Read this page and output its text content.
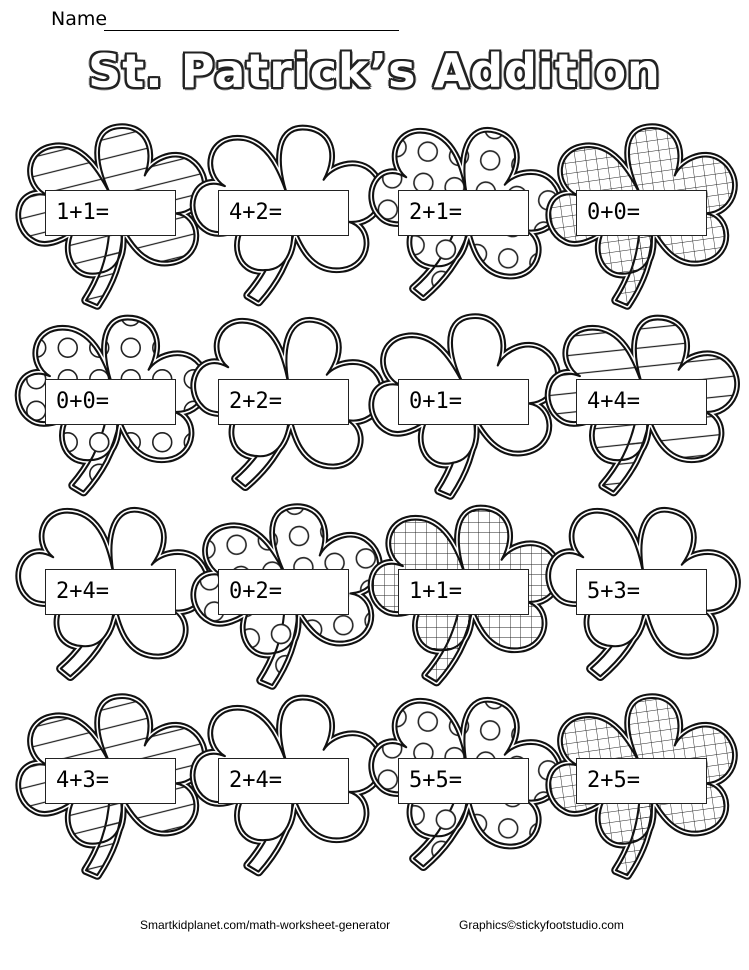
Name
St. Patrick’s Addition
1+1=	4+2=	2+1=	0+0=
0+0=	2+2=	0+1=	4+4=
2+4=	0+2=	1+1=	5+3=
4+3=	2+4=	5+5=	2+5=
Smartkidplanet.com/math-worksheet-generator	Graphics©stickyfootstudio.com
